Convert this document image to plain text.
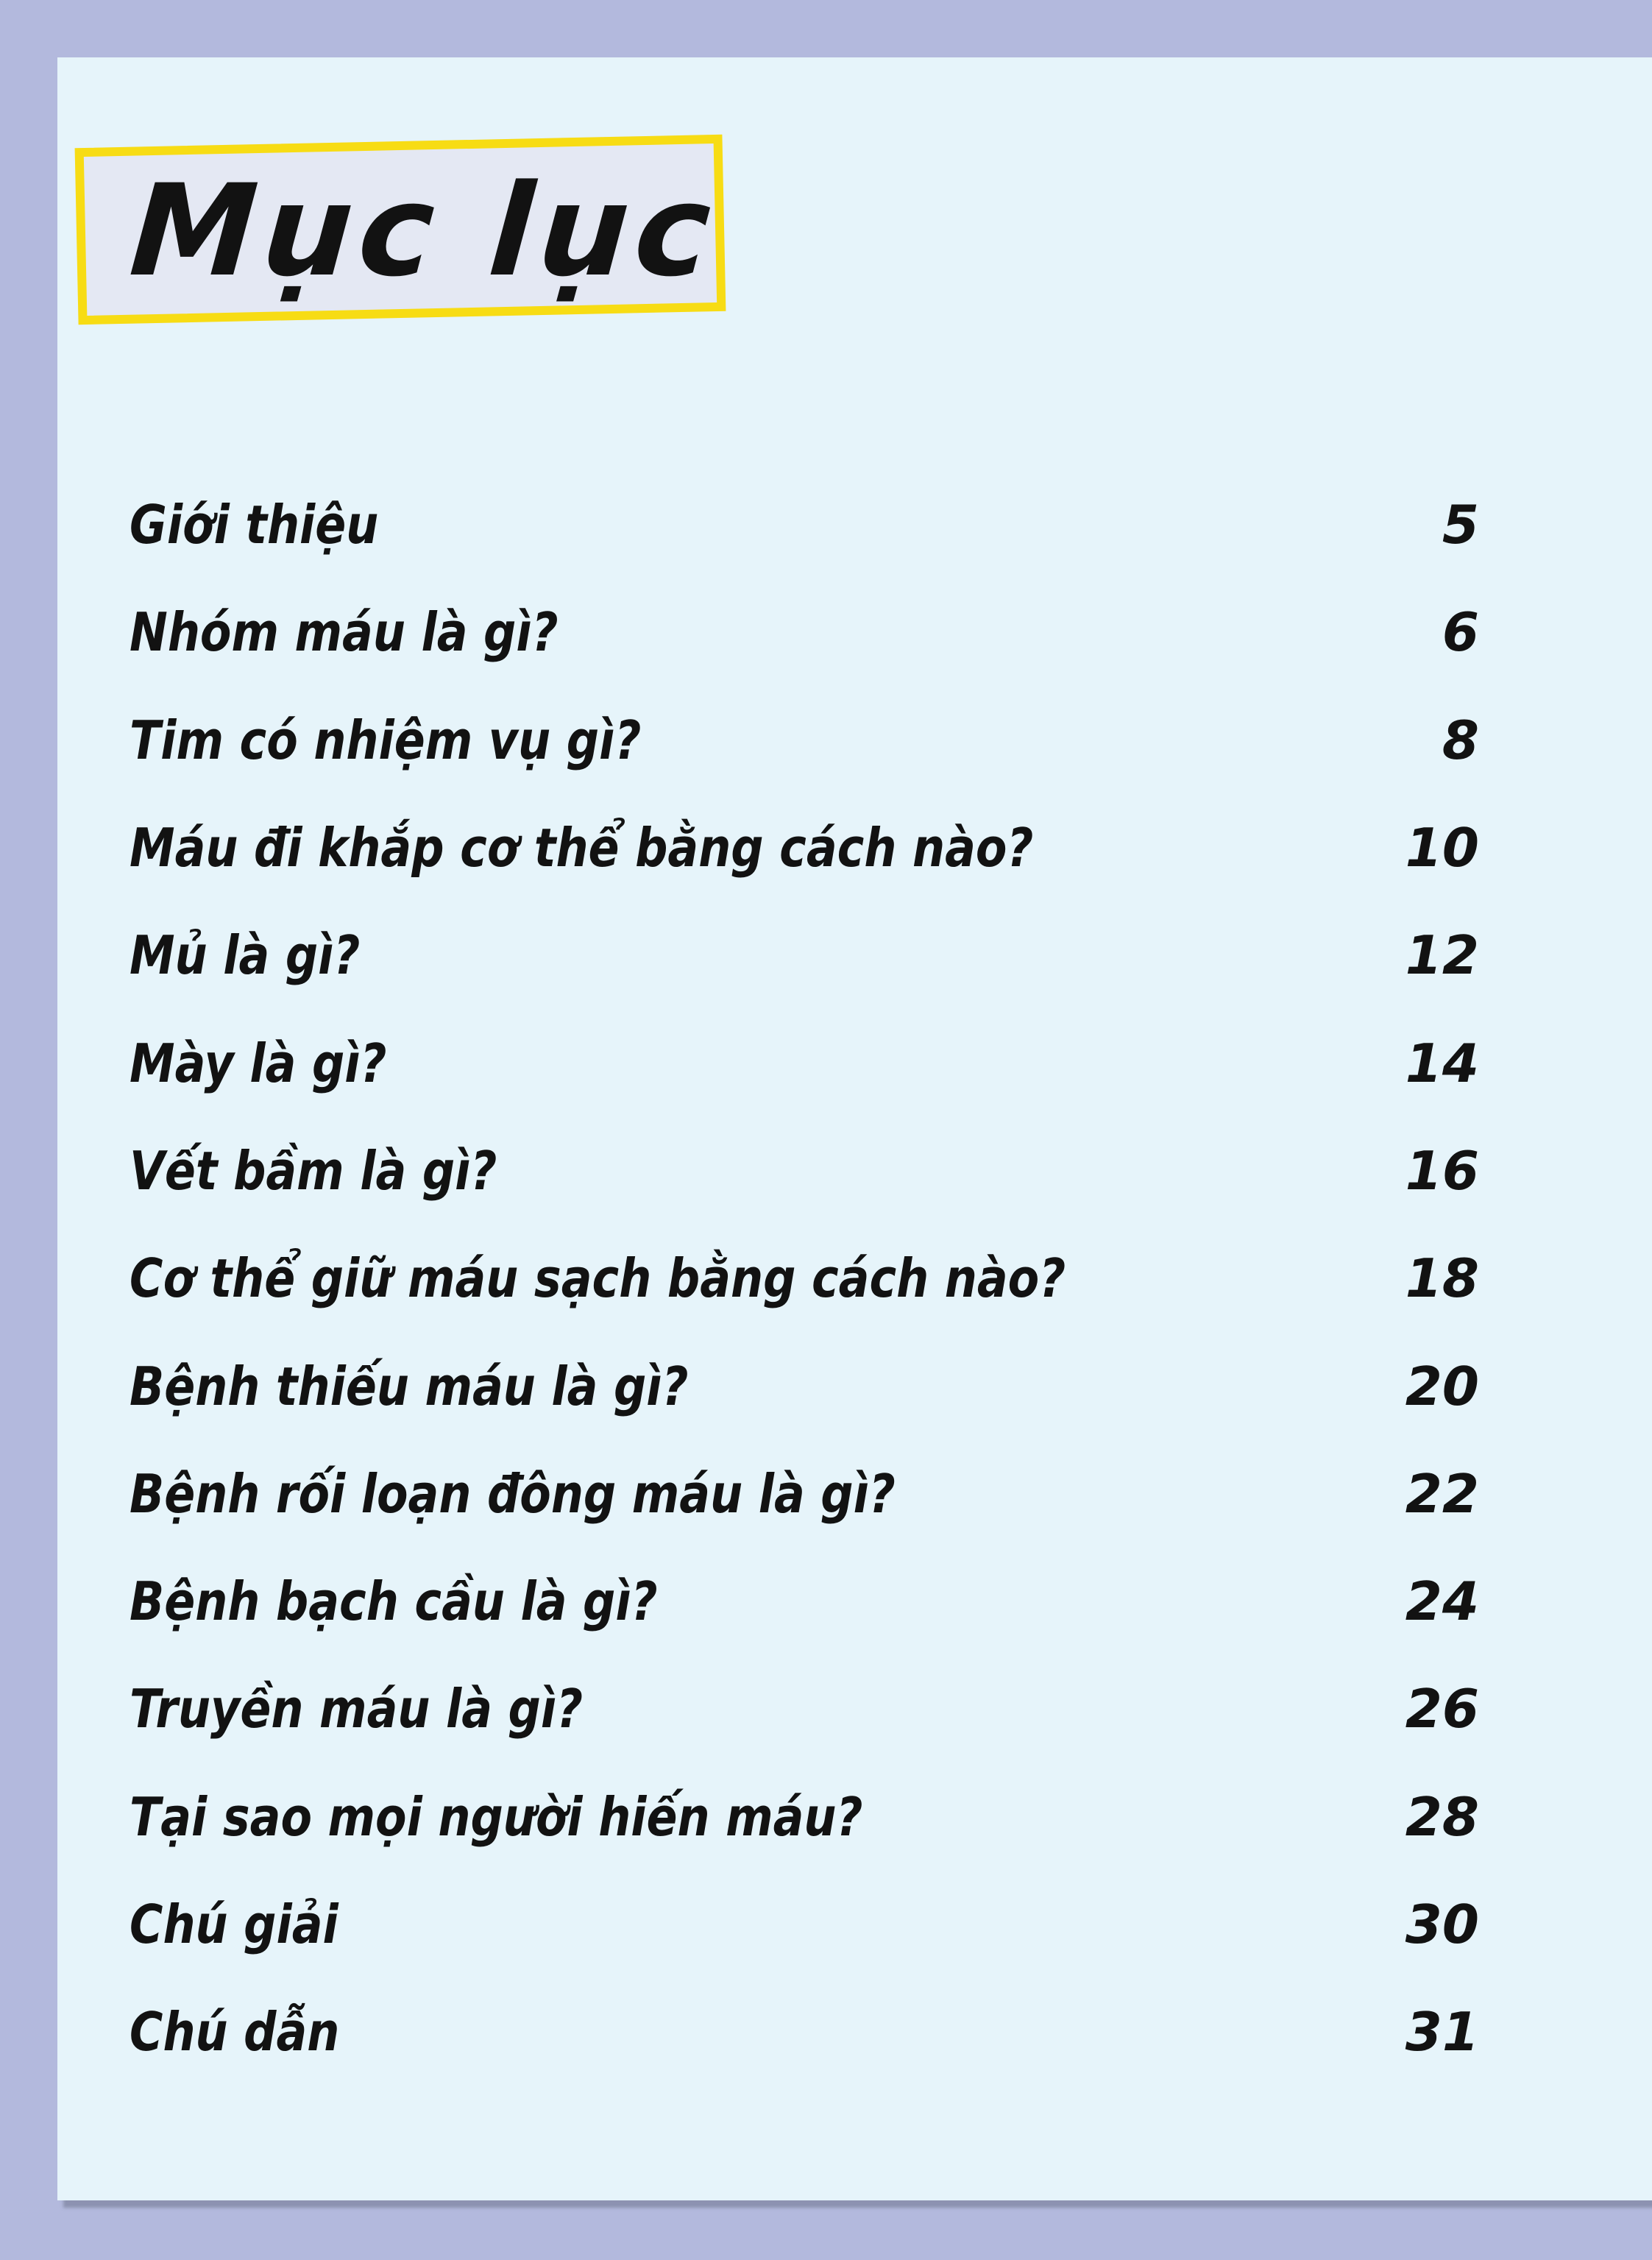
Mục lục
Giới thiệu	5
Nhóm máu là gì?	6
Tim có nhiệm vụ gì?	8
Máu đi khắp cơ thể bằng cách nào?	10
Mủ là gì?	12
Mày là gì?	14
Vết bầm là gì?	16
Cơ thể giữ máu sạch bằng cách nào?	18
Bệnh thiếu máu là gì?	20
Bệnh rối loạn đông máu là gì?	22
Bệnh bạch cầu là gì?	24
Truyền máu là gì?	26
Tại sao mọi người hiến máu?	28
Chú giải	30
Chú dẫn	31
